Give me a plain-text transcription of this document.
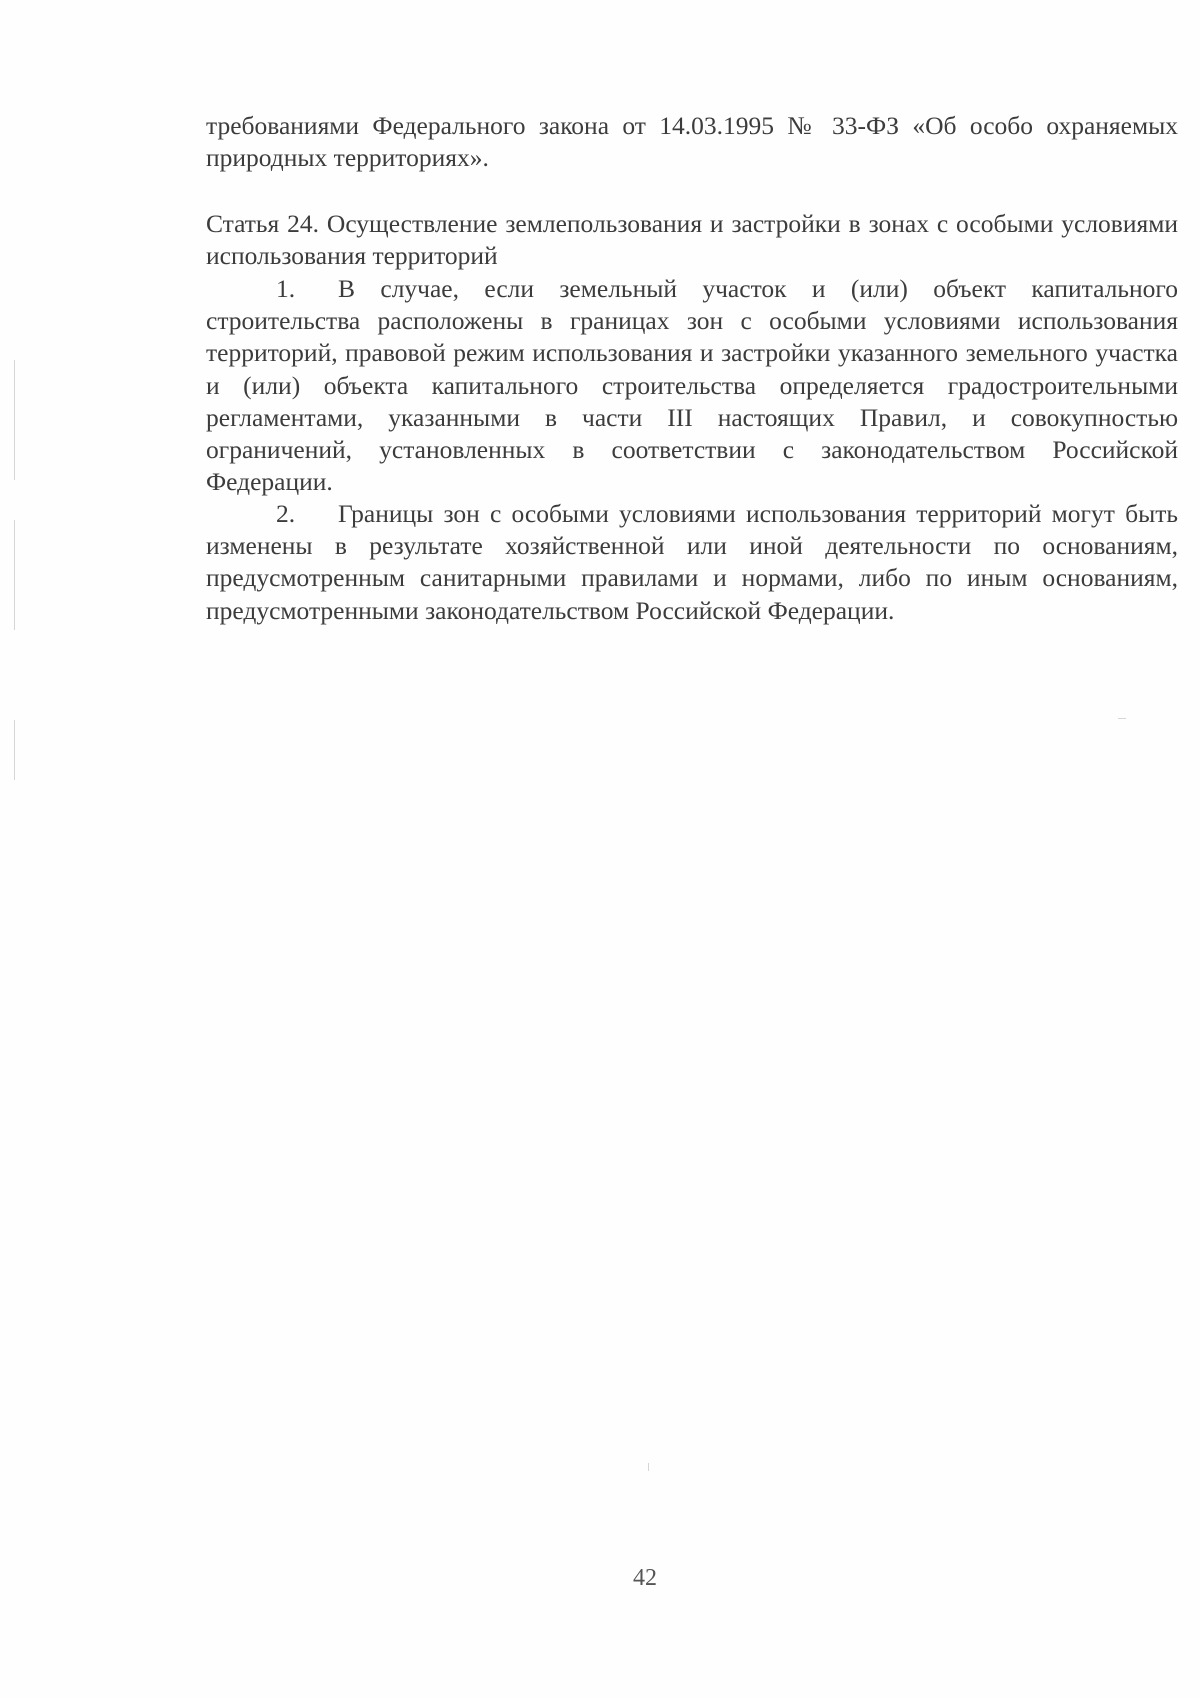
требованиями Федерального закона от 14.03.1995 № 33-ФЗ «Об особо охраняемых природных территориях».

Статья 24. Осуществление землепользования и застройки в зонах с особыми условиями использования территорий

1. В случае, если земельный участок и (или) объект капитального строительства расположены в границах зон с особыми условиями использования территорий, правовой режим использования и застройки указанного земельного участка и (или) объекта капитального строительства определяется градостроительными регламентами, указанными в части III настоящих Правил, и совокупностью ограничений, установленных в соответствии с законодательством Российской Федерации.

2. Границы зон с особыми условиями использования территорий могут быть изменены в результате хозяйственной или иной деятельности по основаниям, предусмотренным санитарными правилами и нормами, либо по иным основаниям, предусмотренными законодательством Российской Федерации.

42
